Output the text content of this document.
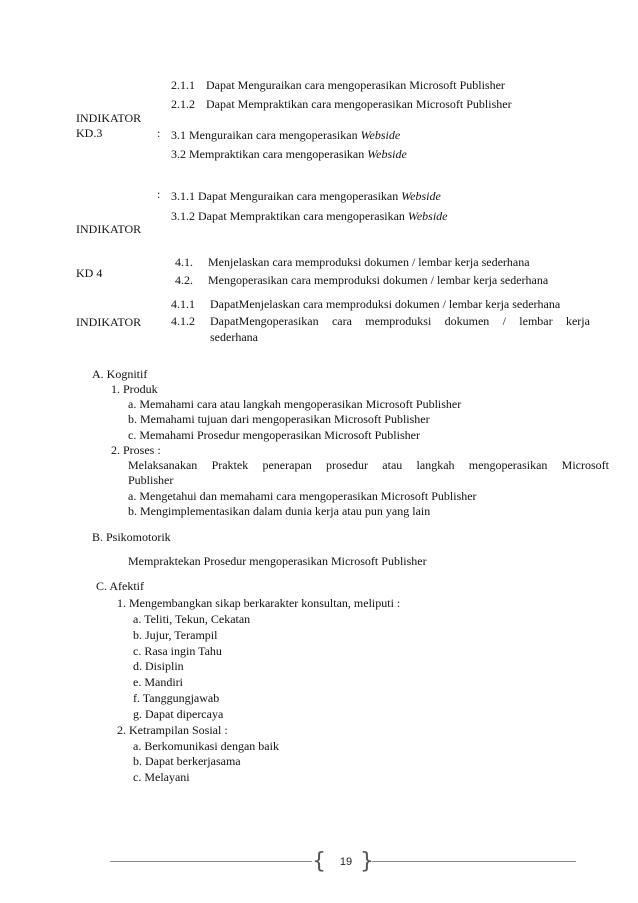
2.1.1 Dapat Menguraikan cara mengoperasikan Microsoft Publisher
2.1.2 Dapat Mempraktikan cara mengoperasikan Microsoft Publisher
INDIKATOR
KD.3	: 3.1 Menguraikan cara mengoperasikan Webside
3.2 Mempraktikan cara mengoperasikan Webside
: 3.1.1 Dapat Menguraikan cara mengoperasikan Webside
3.1.2 Dapat Mempraktikan cara mengoperasikan Webside
INDIKATOR
4.1. Menjelaskan cara memproduksi dokumen / lembar kerja sederhana
KD 4	4.2. Mengoperasikan cara memproduksi dokumen / lembar kerja sederhana
4.1.1 DapatMenjelaskan cara memproduksi dokumen / lembar kerja sederhana
INDIKATOR 4.1.2 DapatMengoperasikan cara memproduksi dokumen / lembar kerja
sederhana
A. Kognitif
1. Produk
a. Memahami cara atau langkah mengoperasikan Microsoft Publisher
b. Memahami tujuan dari mengoperasikan Microsoft Publisher
c. Memahami Prosedur mengoperasikan Microsoft Publisher
2. Proses :
Melaksanakan Praktek penerapan prosedur atau langkah mengoperasikan Microsoft
Publisher
a. Mengetahui dan memahami cara mengoperasikan Microsoft Publisher
b. Mengimplementasikan dalam dunia kerja atau pun yang lain
B. Psikomotorik
Mempraktekan Prosedur mengoperasikan Microsoft Publisher
C. Afektif
1. Mengembangkan sikap berkarakter konsultan, meliputi :
a. Teliti, Tekun, Cekatan
b. Jujur, Terampil
c. Rasa ingin Tahu
d. Disiplin
e. Mandiri
f. Tanggungjawab
g. Dapat dipercaya
2. Ketrampilan Sosial :
a. Berkomunikasi dengan baik
b. Dapat berkerjasama
c. Melayani
{ }
19
